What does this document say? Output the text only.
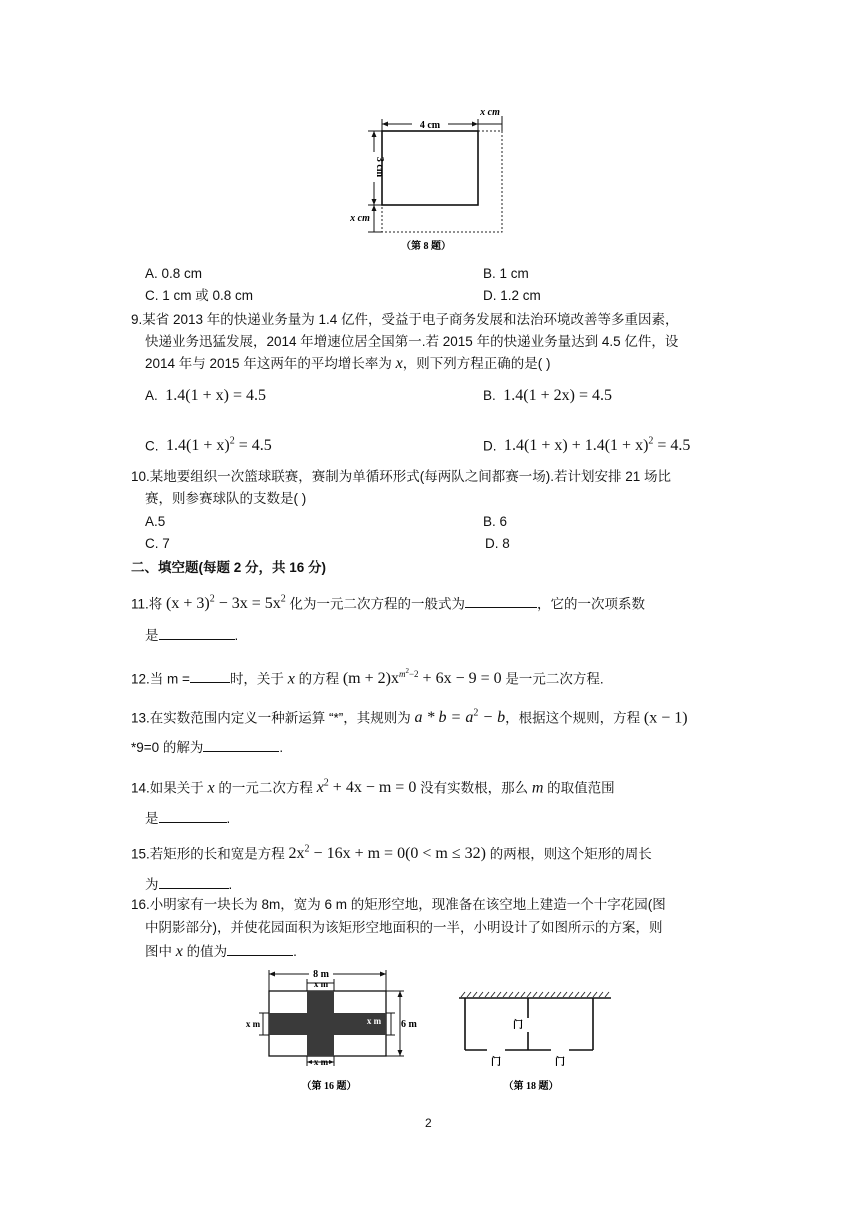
4 cm
x cm
3 cm
x cm
（第 8 题）
A. 0.8 cm	B. 1 cm
C. 1 cm 或 0.8 cm	D. 1.2 cm
9.某省 2013 年的快递业务量为 1.4 亿件，受益于电子商务发展和法治环境改善等多重因素，
快递业务迅猛发展，2014 年增速位居全国第一.若 2015 年的快递业务量达到 4.5 亿件，设
2014 年与 2015 年这两年的平均增长率为 x，则下列方程正确的是( )
A. 1.4(1 + x) = 4.5	B. 1.4(1 + 2x) = 4.5
C. $1.4(1 + x)^2 = 4.5$	D. $1.4(1 + x) + 1.4(1 + x)^2 = 4.5$
10.某地要组织一次篮球联赛，赛制为单循环形式(每两队之间都赛一场).若计划安排 21 场比
赛，则参赛球队的支数是( )
A.5	B. 6
C. 7	D. 8
二、填空题(每题 2 分，共 16 分)
11.将 $(x + 3)^2 - 3x = 5x^2$ 化为一元二次方程的一般式为	，它的一次项系数
是	.
12.当 m =	时，关于 x 的方程 $(m + 2)x^{m^2-2} + 6x - 9 = 0$ 是一元二次方程.
13.在实数范围内定义一种新运算 “*”，其规则为 $a * b = a^2 - b$，根据这个规则，方程 (x − 1)
*9=0 的解为	.
14.如果关于 x 的一元二次方程 $x^2 + 4x - m = 0$ 没有实数根，那么 m 的取值范围
是	.
15.若矩形的长和宽是方程 $2x^2 - 16x + m = 0(0 < m \le 32)$ 的两根，则这个矩形的周长
为	.
16.小明家有一块长为 8m，宽为 6 m 的矩形空地，现准备在该空地上建造一个十字花园(图
中阴影部分)，并使花园面积为该矩形空地面积的一半，小明设计了如图所示的方案，则
图中 x 的值为	.
8 m
x m
x m	x m 6 m
x m
（第 16 题）
门
门	门
（第 18 题）
2
